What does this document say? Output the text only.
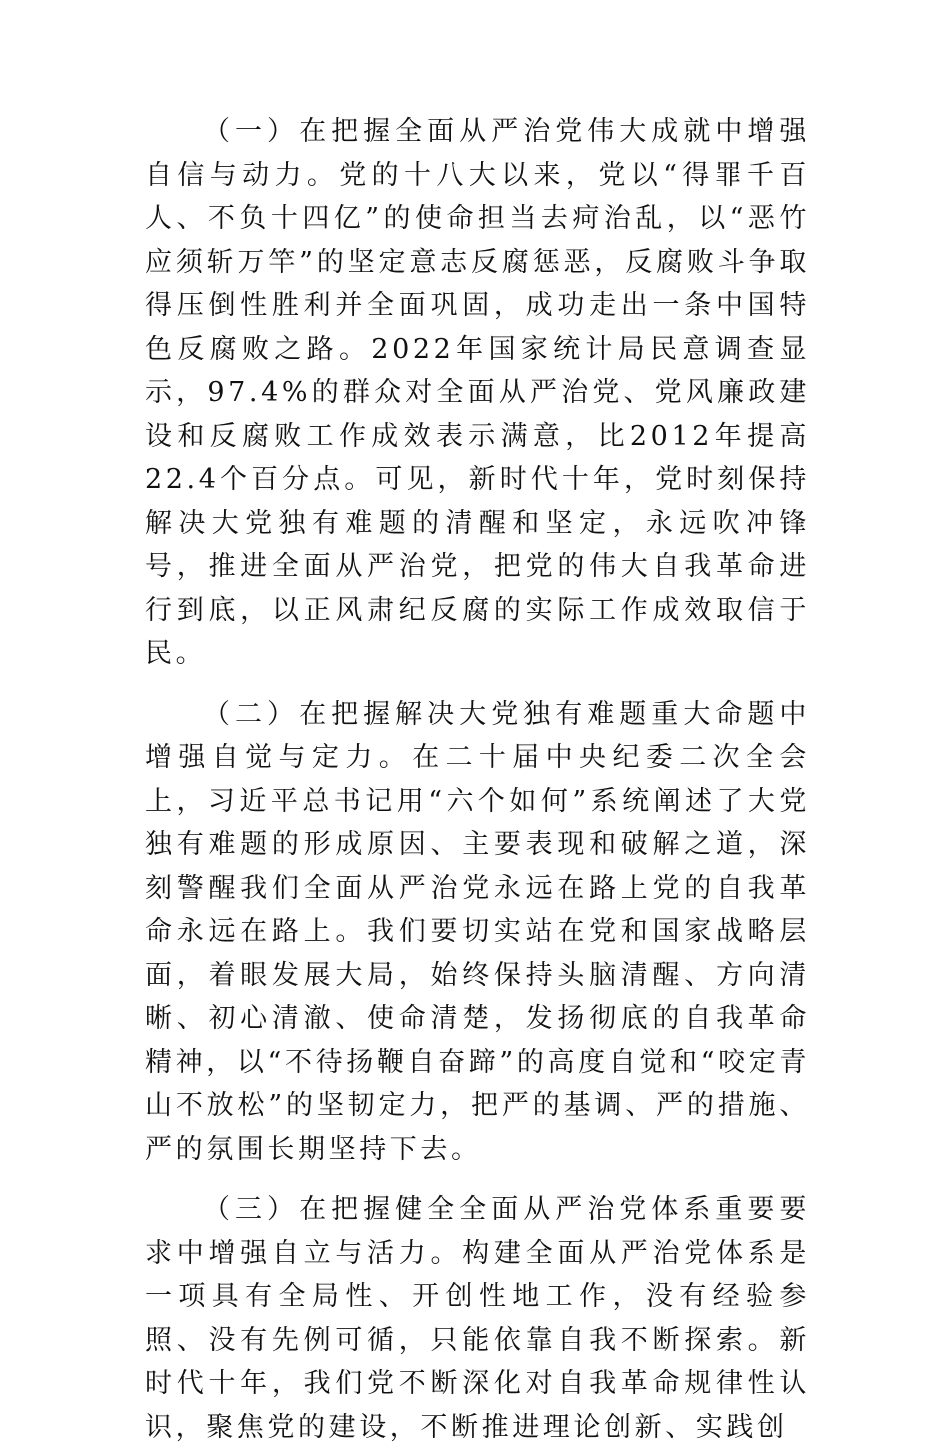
（一）在把握全面从严治党伟大成就中增强自信与动力。党的十八大以来，党以“得罪千百人、不负十四亿”的使命担当去疴治乱，以“恶竹应须斩万竿”的坚定意志反腐惩恶，反腐败斗争取得压倒性胜利并全面巩固，成功走出一条中国特色反腐败之路。2022年国家统计局民意调查显示，97.4%的群众对全面从严治党、党风廉政建设和反腐败工作成效表示满意，比2012年提高22.4个百分点。可见，新时代十年，党时刻保持解决大党独有难题的清醒和坚定，永远吹冲锋号，推进全面从严治党，把党的伟大自我革命进行到底，以正风肃纪反腐的实际工作成效取信于民。

（二）在把握解决大党独有难题重大命题中增强自觉与定力。在二十届中央纪委二次全会上，习近平总书记用“六个如何”系统阐述了大党独有难题的形成原因、主要表现和破解之道，深刻警醒我们全面从严治党永远在路上党的自我革命永远在路上。我们要切实站在党和国家战略层面，着眼发展大局，始终保持头脑清醒、方向清晰、初心清澈、使命清楚，发扬彻底的自我革命精神，以“不待扬鞭自奋蹄”的高度自觉和“咬定青山不放松”的坚韧定力，把严的基调、严的措施、严的氛围长期坚持下去。

（三）在把握健全全面从严治党体系重要要求中增强自立与活力。构建全面从严治党体系是一项具有全局性、开创性地工作，没有经验参照、没有先例可循，只能依靠自我不断探索。新时代十年，我们党不断深化对自我革命规律性认识，聚焦党的建设，不断推进理论创新、实践创
